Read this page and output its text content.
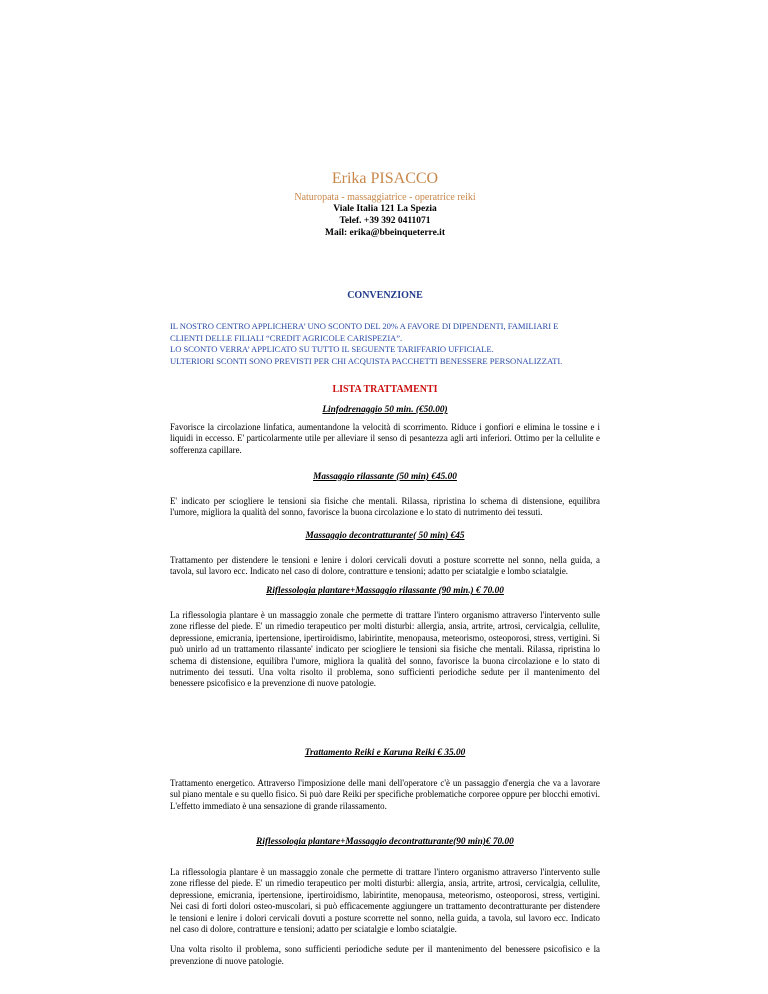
Erika PISACCO
Naturopata - massaggiatrice - operatrice reiki
Viale Italia 121 La Spezia
Telef. +39 392 0411071
Mail: erika@bbeinqueterre.it
CONVENZIONE
IL NOSTRO CENTRO APPLICHERA’ UNO SCONTO DEL 20% A FAVORE DI DIPENDENTI, FAMILIARI E
CLIENTI DELLE FILIALI “CREDIT AGRICOLE CARISPEZIA”.
LO SCONTO VERRA’ APPLICATO SU TUTTO IL SEGUENTE TARIFFARIO UFFICIALE.
ULTERIORI SCONTI SONO PREVISTI PER CHI ACQUISTA PACCHETTI BENESSERE PERSONALIZZATI.
LISTA TRATTAMENTI
Linfodrenaggio 50 min. (€50.00)
Favorisce la circolazione linfatica, aumentandone la velocità di scorrimento. Riduce i gonfiori e elimina le tossine e i liquidi in eccesso. E' particolarmente utile per alleviare il senso di pesantezza agli arti inferiori. Ottimo per la cellulite e sofferenza capillare.
Massaggio rilassante (50 min) €45.00
E' indicato per sciogliere le tensioni sia fisiche che mentali. Rilassa, ripristina lo schema di distensione, equilibra l'umore, migliora la qualità del sonno, favorisce la buona circolazione e lo stato di nutrimento dei tessuti.
Massaggio decontratturante( 50 min) €45
Trattamento per distendere le tensioni e lenire i dolori cervicali dovuti a posture scorrette nel sonno, nella guida, a tavola, sul lavoro ecc. Indicato nel caso di dolore, contratture e tensioni; adatto per sciatalgie e lombo sciatalgie.
Riflessologia plantare+Massaggio rilassante (90 min.) € 70.00
La riflessologia plantare è un massaggio zonale che permette di trattare l'intero organismo attraverso l'intervento sulle zone riflesse del piede. E' un rimedio terapeutico per molti disturbi: allergia, ansia, artrite, artrosi, cervicalgia, cellulite, depressione, emicrania, ipertensione, ipertiroidismo, labirintite, menopausa, meteorismo, osteoporosi, stress, vertigini. Si può unirlo ad un trattamento rilassante' indicato per sciogliere le tensioni sia fisiche che mentali. Rilassa, ripristina lo schema di distensione, equilibra l'umore, migliora la qualità del sonno, favorisce la buona circolazione e lo stato di nutrimento dei tessuti. Una volta risolto il problema, sono sufficienti periodiche sedute per il mantenimento del benessere psicofisico e la prevenzione di nuove patologie.
Trattamento Reiki e Karuna Reiki € 35.00
Trattamento energetico. Attraverso l'imposizione delle mani dell'operatore c'è un passaggio d'energia che va a lavorare sul piano mentale e su quello fisico. Si può dare Reiki per specifiche problematiche corporee oppure per blocchi emotivi. L'effetto immediato è una sensazione di grande rilassamento.
Riflessologia plantare+Massaggio decontratturante(90 min)€ 70.00
La riflessologia plantare è un massaggio zonale che permette di trattare l'intero organismo attraverso l'intervento sulle zone riflesse del piede. E' un rimedio terapeutico per molti disturbi: allergia, ansia, artrite, artrosi, cervicalgia, cellulite, depressione, emicrania, ipertensione, ipertiroidismo, labirintite, menopausa, meteorismo, osteoporosi, stress, vertigini. Nei casi di forti dolori osteo-muscolari, si può efficacemente aggiungere un trattamento decontratturante per distendere le tensioni e lenire i dolori cervicali dovuti a posture scorrette nel sonno, nella guida, a tavola, sul lavoro ecc. Indicato nel caso di dolore, contratture e tensioni; adatto per sciatalgie e lombo sciatalgie.
Una volta risolto il problema, sono sufficienti periodiche sedute per il mantenimento del benessere psicofisico e la prevenzione di nuove patologie.
